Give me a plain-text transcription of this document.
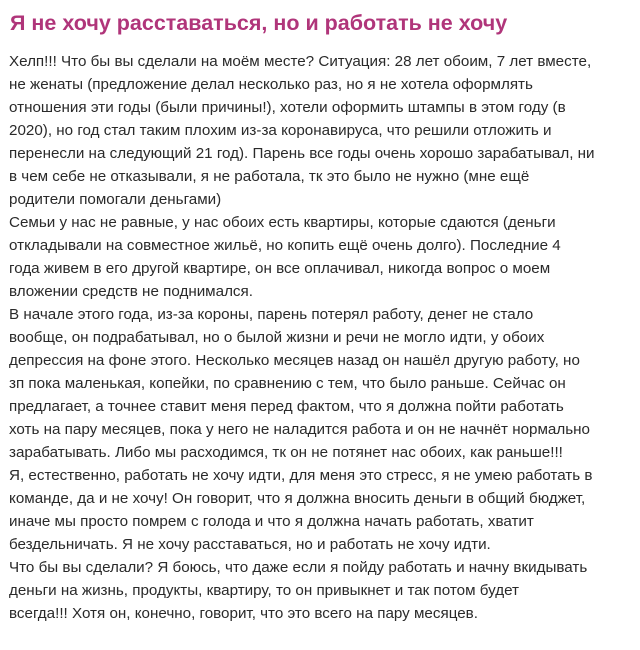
Я не хочу расставаться, но и работать не хочу
Хелп!!! Что бы вы сделали на моём месте? Ситуация: 28 лет обоим, 7 лет вместе,
не женаты (предложение делал несколько раз, но я не хотела оформлять
отношения эти годы (были причины!), хотели оформить штампы в этом году (в
2020), но год стал таким плохим из-за коронавируса, что решили отложить и
перенесли на следующий 21 год). Парень все годы очень хорошо зарабатывал, ни
в чем себе не отказывали, я не работала, тк это было не нужно (мне ещё
родители помогали деньгами)
Семьи у нас не равные, у нас обоих есть квартиры, которые сдаются (деньги
откладывали на совместное жильё, но копить ещё очень долго). Последние 4
года живем в его другой квартире, он все оплачивал, никогда вопрос о моем
вложении средств не поднимался.
В начале этого года, из-за короны, парень потерял работу, денег не стало
вообще, он подрабатывал, но о былой жизни и речи не могло идти, у обоих
депрессия на фоне этого. Несколько месяцев назад он нашёл другую работу, но
зп пока маленькая, копейки, по сравнению с тем, что было раньше. Сейчас он
предлагает, а точнее ставит меня перед фактом, что я должна пойти работать
хоть на пару месяцев, пока у него не наладится работа и он не начнёт нормально
зарабатывать. Либо мы расходимся, тк он не потянет нас обоих, как раньше!!!
Я, естественно, работать не хочу идти, для меня это стресс, я не умею работать в
команде, да и не хочу! Он говорит, что я должна вносить деньги в общий бюджет,
иначе мы просто помрем с голода и что я должна начать работать, хватит
бездельничать. Я не хочу расставаться, но и работать не хочу идти.
Что бы вы сделали? Я боюсь, что даже если я пойду работать и начну вкидывать
деньги на жизнь, продукты, квартиру, то он привыкнет и так потом будет
всегда!!! Хотя он, конечно, говорит, что это всего на пару месяцев.
